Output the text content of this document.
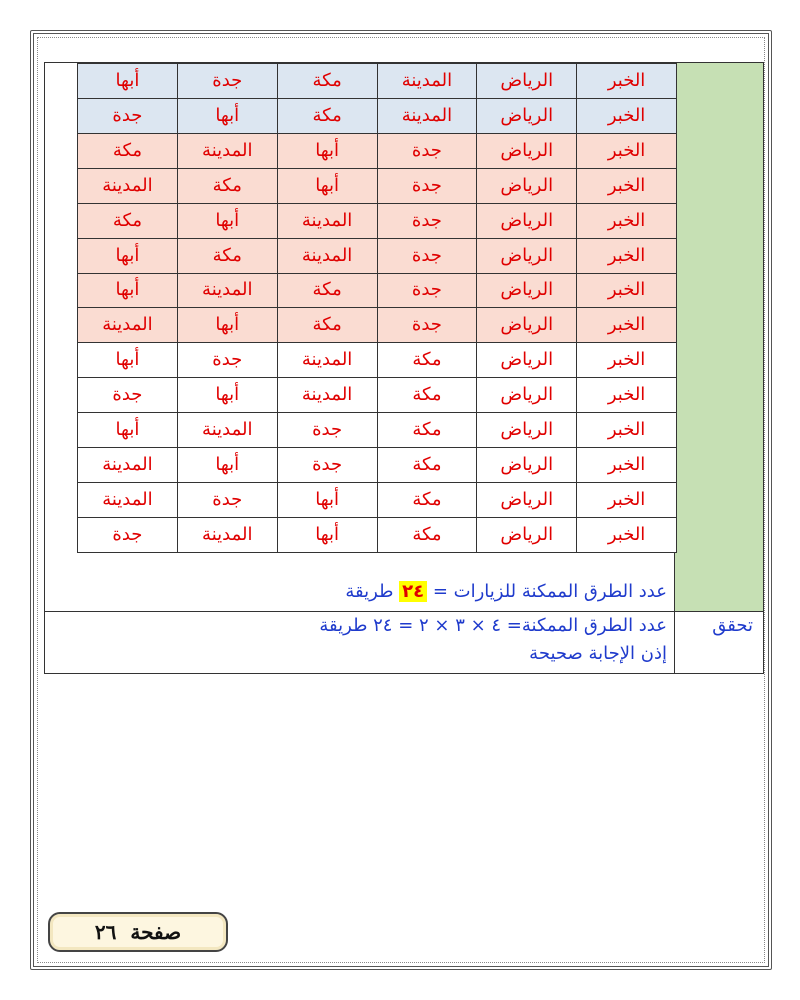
الخبر	الرياض	المدينة	مكة	جدة	أبها
الخبر	الرياض	المدينة	مكة	أبها	جدة
الخبر	الرياض	جدة	أبها	المدينة	مكة
الخبر	الرياض	جدة	أبها	مكة	المدينة
الخبر	الرياض	جدة	المدينة	أبها	مكة
الخبر	الرياض	جدة	المدينة	مكة	أبها
الخبر	الرياض	جدة	مكة	المدينة	أبها
الخبر	الرياض	جدة	مكة	أبها	المدينة
الخبر	الرياض	مكة	المدينة	جدة	أبها
الخبر	الرياض	مكة	المدينة	أبها	جدة
الخبر	الرياض	مكة	جدة	المدينة	أبها
الخبر	الرياض	مكة	جدة	أبها	المدينة
الخبر	الرياض	مكة	أبها	جدة	المدينة
الخبر	الرياض	مكة	أبها	المدينة	جدة
عدد الطرق الممكنة للزيارات = ٢٤ طريقة
تحقق
عدد الطرق الممكنة= ٤ × ٣ × ٢ = ٢٤ طريقة
إذن الإجابة صحيحة
صفحة
٢٦
